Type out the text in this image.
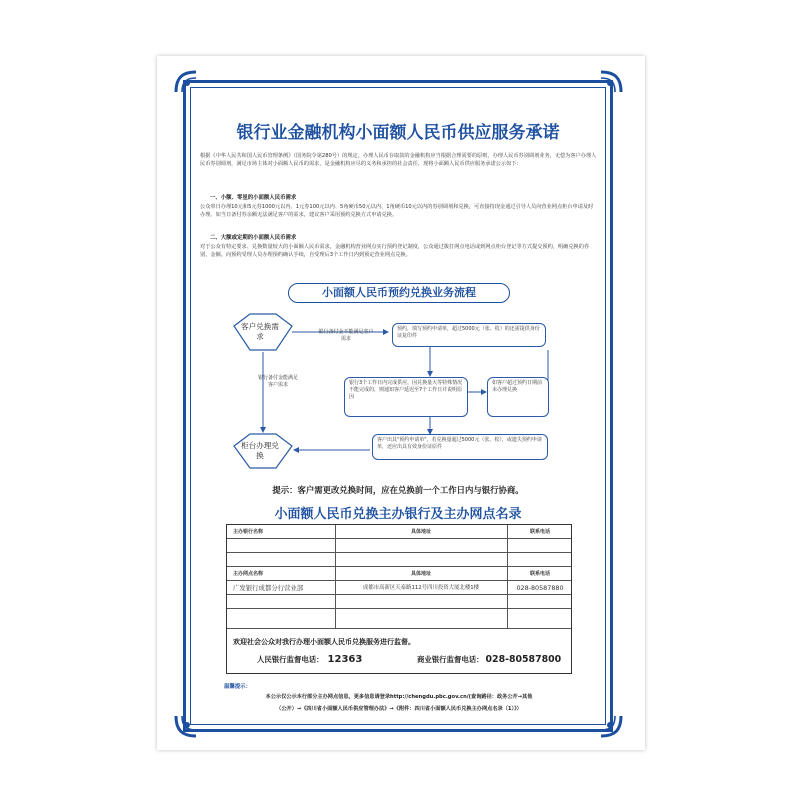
银行业金融机构小面额人民币供应服务承诺
根据《中华人民共和国人民币管理条例》（国务院令第280号）的规定，办理人民币存取款的金融机构应当根据合理需要的原则，办理人民币券别调剂业务，无偿为客户办理人民币券别调剂，满足市场主体对小面额人民币的需求，是金融机构应尽的义务和承担的社会责任，现将小面额人民币供应服务承诺公示如下：
一、小额、零星的小面额人民币需求
公众单日办理10元和5元券1000元以内、1元券100元以内、5角硬币50元以内、1角硬币10元以内的券别调剂和兑换，可直接持现金通过引导人员向营业网点柜台申请及时办理。如当日备付券余额无法满足客户的需求，建议客户采用预约兑换方式申请兑换。
二、大额或定期的小面额人民币需求
对于公众有特定要求、兑换数量较大的小面额人民币需求，金融机构营业网点实行预约登记制度，公众通过拨打网点电话或到网点柜台登记等方式提交预约，明确兑换的券别、金额。向预约受理人员办理预约确认手续，自受理后3个工作日内到预定营业网点兑换。
小面额人民币预约兑换业务流程
客户兑换需求
柜台办理兑换
银行备付金不能满足客户需求
银行备付金能满足客户需求
预约，填写预约申请单，超过5000元（张、枚）的还需提供身份证复印件
银行3个工作日内完成供应，因兑换量大等特殊情况不能完成的，则通知客户延迟至7个工作日并说明原因
如客户超过预约日期前未办理兑换
客户出具"预约申请单"，若兑换量超过5000元（张、枚），或遗失预约申请单，还应出具有效身份证原件
提示：客户需更改兑换时间，应在兑换前一个工作日内与银行协商。
小面额人民币兑换主办银行及主办网点名录
主办银行名称	具体地址	联系电话
主办网点名称	具体地址	联系电话
广发银行成都分行营业部	成都市高新区天泰路112号四川投资大厦北楼1楼	028-80587880
欢迎社会公众对我行办理小面额人民币兑换服务进行监督。
人民银行监督电话： 12363	商业银行监督电话： 028-80587800
温馨提示：
本公示仅公示本行部分主办网点信息，更多信息请登录http://chengdu.pbc.gov.cn/(查询路径：政务公开→其他
（公开）→《四川省小面额人民币供应管理办法》→《附件：四川省小面额人民币兑换主办网点名录（1）》）
